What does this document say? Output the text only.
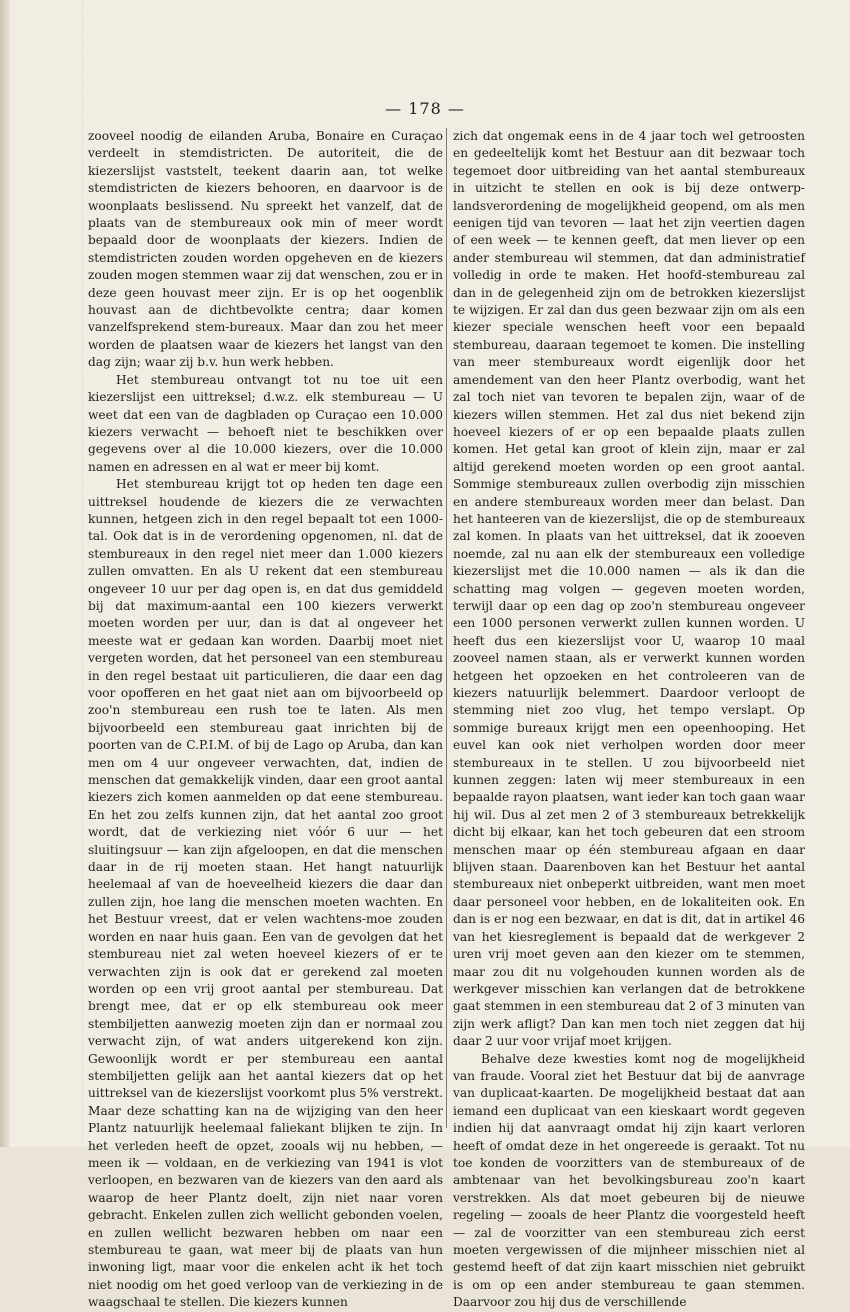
— 178 —

zooveel noodig de eilanden Aruba, Bonaire en Curaçao verdeelt in stemdistricten. De autoriteit, die de kiezerslijst vaststelt, teekent daarin aan, tot welke stemdistricten de kiezers behooren, en daarvoor is de woonplaats beslissend. Nu spreekt het vanzelf, dat de plaats van de stembureaux ook min of meer wordt bepaald door de woonplaats der kiezers. Indien de stemdistricten zouden worden opgeheven en de kiezers zouden mogen stemmen waar zij dat wenschen, zou er in deze geen houvast meer zijn. Er is op het oogenblik houvast aan de dichtbevolkte centra; daar komen vanzelfsprekend stem-bureaux. Maar dan zou het meer worden de plaatsen waar de kiezers het langst van den dag zijn; waar zij b.v. hun werk hebben.

Het stembureau ontvangt tot nu toe uit een kiezerslijst een uittreksel; d.w.z. elk stembureau — U weet dat een van de dagbladen op Curaçao een 10.000 kiezers verwacht — behoeft niet te beschikken over gegevens over al die 10.000 kiezers, over die 10.000 namen en adressen en al wat er meer bij komt.

Het stembureau krijgt tot op heden ten dage een uittreksel houdende de kiezers die ze verwachten kunnen, hetgeen zich in den regel bepaalt tot een 1000-tal. Ook dat is in de verordening opgenomen, nl. dat de stembureaux in den regel niet meer dan 1.000 kiezers zullen omvatten. En als U rekent dat een stembureau ongeveer 10 uur per dag open is, en dat dus gemiddeld bij dat maximum-aantal een 100 kiezers verwerkt moeten worden per uur, dan is dat al ongeveer het meeste wat er gedaan kan worden. Daarbij moet niet vergeten worden, dat het personeel van een stembureau in den regel bestaat uit particulieren, die daar een dag voor opofferen en het gaat niet aan om bijvoorbeeld op zoo'n stembureau een rush toe te laten. Als men bijvoorbeeld een stembureau gaat inrichten bij de poorten van de C.P.I.M. of bij de Lago op Aruba, dan kan men om 4 uur ongeveer verwachten, dat, indien de menschen dat gemakkelijk vinden, daar een groot aantal kiezers zich komen aanmelden op dat eene stembureau. En het zou zelfs kunnen zijn, dat het aantal zoo groot wordt, dat de verkiezing niet vóór 6 uur — het sluitingsuur — kan zijn afgeloopen, en dat die menschen daar in de rij moeten staan. Het hangt natuurlijk heelemaal af van de hoeveelheid kiezers die daar dan zullen zijn, hoe lang die menschen moeten wachten. En het Bestuur vreest, dat er velen wachtens-moe zouden worden en naar huis gaan. Een van de gevolgen dat het stembureau niet zal weten hoeveel kiezers of er te verwachten zijn is ook dat er gerekend zal moeten worden op een vrij groot aantal per stembureau. Dat brengt mee, dat er op elk stembureau ook meer stembiljetten aanwezig moeten zijn dan er normaal zou verwacht zijn, of wat anders uitgerekend kon zijn. Gewoonlijk wordt er per stembureau een aantal stembiljetten gelijk aan het aantal kiezers dat op het uittreksel van de kiezerslijst voorkomt plus 5% verstrekt. Maar deze schatting kan na de wijziging van den heer Plantz natuurlijk heelemaal faliekant blijken te zijn. In het verleden heeft de opzet, zooals wij nu hebben, — meen ik — voldaan, en de verkiezing van 1941 is vlot verloopen, en bezwaren van de kiezers van den aard als waarop de heer Plantz doelt, zijn niet naar voren gebracht. Enkelen zullen zich wellicht gebonden voelen, en zullen wellicht bezwaren hebben om naar een stembureau te gaan, wat meer bij de plaats van hun inwoning ligt, maar voor die enkelen acht ik het toch niet noodig om het goed verloop van de verkiezing in de waagschaal te stellen. Die kiezers kunnen

zich dat ongemak eens in de 4 jaar toch wel getroosten en gedeeltelijk komt het Bestuur aan dit bezwaar toch tegemoet door uitbreiding van het aantal stembureaux in uitzicht te stellen en ook is bij deze ontwerp-landsverordening de mogelijkheid geopend, om als men eenigen tijd van tevoren — laat het zijn veertien dagen of een week — te kennen geeft, dat men liever op een ander stembureau wil stemmen, dat dan administratief volledig in orde te maken. Het hoofd-stembureau zal dan in de gelegenheid zijn om de betrokken kiezerslijst te wijzigen. Er zal dan dus geen bezwaar zijn om als een kiezer speciale wenschen heeft voor een bepaald stembureau, daaraan tegemoet te komen. Die instelling van meer stembureaux wordt eigenlijk door het amendement van den heer Plantz overbodig, want het zal toch niet van tevoren te bepalen zijn, waar of de kiezers willen stemmen. Het zal dus niet bekend zijn hoeveel kiezers of er op een bepaalde plaats zullen komen. Het getal kan groot of klein zijn, maar er zal altijd gerekend moeten worden op een groot aantal. Sommige stembureaux zullen overbodig zijn misschien en andere stembureaux worden meer dan belast. Dan het hanteeren van de kiezerslijst, die op de stembureaux zal komen. In plaats van het uittreksel, dat ik zooeven noemde, zal nu aan elk der stembureaux een volledige kiezerslijst met die 10.000 namen — als ik dan die schatting mag volgen — gegeven moeten worden, terwijl daar op een dag op zoo'n stembureau ongeveer een 1000 personen verwerkt zullen kunnen worden. U heeft dus een kiezerslijst voor U, waarop 10 maal zooveel namen staan, als er verwerkt kunnen worden hetgeen het opzoeken en het controleeren van de kiezers natuurlijk belemmert. Daardoor verloopt de stemming niet zoo vlug, het tempo verslapt. Op sommige bureaux krijgt men een opeenhooping. Het euvel kan ook niet verholpen worden door meer stembureaux in te stellen. U zou bijvoorbeeld niet kunnen zeggen: laten wij meer stembureaux in een bepaalde rayon plaatsen, want ieder kan toch gaan waar hij wil. Dus al zet men 2 of 3 stembureaux betrekkelijk dicht bij elkaar, kan het toch gebeuren dat een stroom menschen maar op één stembureau afgaan en daar blijven staan. Daarenboven kan het Bestuur het aantal stembureaux niet onbeperkt uitbreiden, want men moet daar personeel voor hebben, en de lokaliteiten ook. En dan is er nog een bezwaar, en dat is dit, dat in artikel 46 van het kiesreglement is bepaald dat de werkgever 2 uren vrij moet geven aan den kiezer om te stemmen, maar zou dit nu volgehouden kunnen worden als de werkgever misschien kan verlangen dat de betrokkene gaat stemmen in een stembureau dat 2 of 3 minuten van zijn werk afligt? Dan kan men toch niet zeggen dat hij daar 2 uur voor vrijaf moet krijgen.

Behalve deze kwesties komt nog de mogelijkheid van fraude. Vooral ziet het Bestuur dat bij de aanvrage van duplicaat-kaarten. De mogelijkheid bestaat dat aan iemand een duplicaat van een kieskaart wordt gegeven indien hij dat aanvraagt omdat hij zijn kaart verloren heeft of omdat deze in het ongereede is geraakt. Tot nu toe konden de voorzitters van de stembureaux of de ambtenaar van het bevolkingsbureau zoo'n kaart verstrekken. Als dat moet gebeuren bij de nieuwe regeling — zooals de heer Plantz die voorgesteld heeft — zal de voorzitter van een stembureau zich eerst moeten vergewissen of die mijnheer misschien niet al gestemd heeft of dat zijn kaart misschien niet gebruikt is om op een ander stembureau te gaan stemmen. Daarvoor zou hij dus de verschillende
